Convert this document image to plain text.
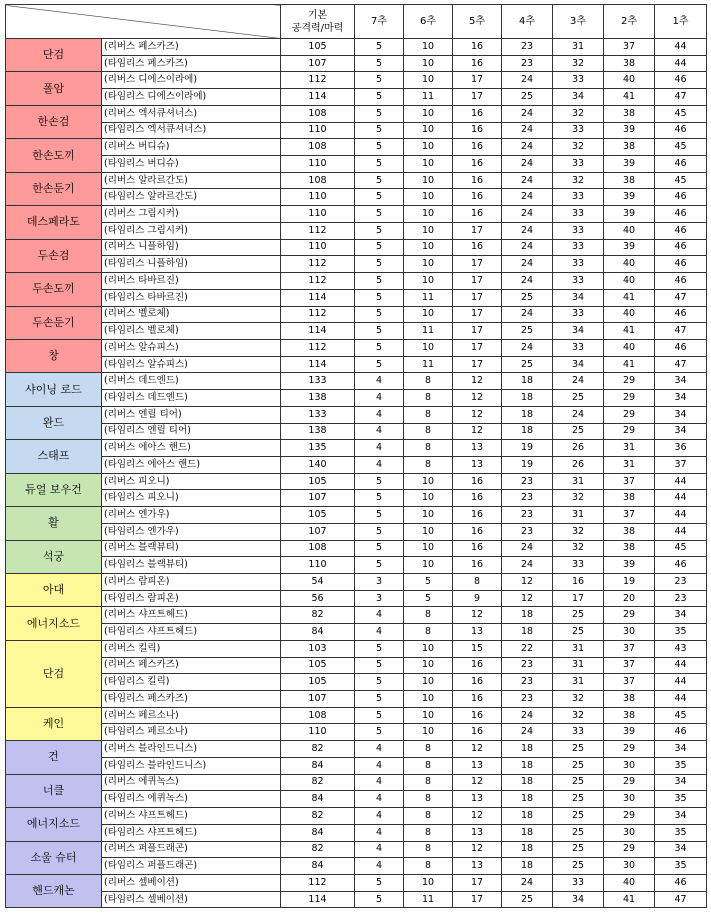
		기본
공격력/마력	7추	6추	5추	4추	3추	2추	1추
단검	(리버스 페스카즈)	105	5	10	16	23	31	37	44
	(타임리스 페스카즈)	107	5	10	16	23	32	38	44
폴암	(리버스 디에스이라에)	112	5	10	17	24	33	40	46
	(타임리스 디에스이라에)	114	5	11	17	25	34	41	47
한손검	(리버스 엑서큐셔너스)	108	5	10	16	24	32	38	45
	(타임리스 엑서큐셔너스)	110	5	10	16	24	33	39	46
한손도끼	(리버스 버디슈)	108	5	10	16	24	32	38	45
	(타임리스 버디슈)	110	5	10	16	24	33	39	46
한손둔기	(리버스 알라르간도)	108	5	10	16	24	32	38	45
	(타임리스 알라르간도)	110	5	10	16	24	33	39	46
데스페라도	(리버스 그림시커)	110	5	10	16	24	33	39	46
	(타임리스 그림시커)	112	5	10	17	24	33	40	46
두손검	(리버스 니플하임)	110	5	10	16	24	33	39	46
	(타임리스 니플하임)	112	5	10	17	24	33	40	46
두손도끼	(리버스 타바르진)	112	5	10	17	24	33	40	46
	(타임리스 타바르진)	114	5	11	17	25	34	41	47
두손둔기	(리버스 벨로체)	112	5	10	17	24	33	40	46
	(타임리스 벨로체)	114	5	11	17	25	34	41	47
창	(리버스 알슈피스)	112	5	10	17	24	33	40	46
	(타임리스 알슈피스)	114	5	11	17	25	34	41	47
샤이닝 로드	(리버스 데드엔드)	133	4	8	12	18	24	29	34
	(타임리스 데드엔드)	138	4	8	12	18	25	29	34
완드	(리버스 엔릴 티어)	133	4	8	12	18	24	29	34
	(타임리스 엔릴 티어)	138	4	8	12	18	25	29	34
스태프	(리버스 에아스 핸드)	135	4	8	13	19	26	31	36
	(타임리스 에아스 핸드)	140	4	8	13	19	26	31	37
듀얼 보우건	(리버스 피오니)	105	5	10	16	23	31	37	44
	(타임리스 피오니)	107	5	10	16	23	32	38	44
활	(리버스 엔가우)	105	5	10	16	23	31	37	44
	(타임리스 엔가우)	107	5	10	16	23	32	38	44
석궁	(리버스 블랙뷰티)	108	5	10	16	24	32	38	45
	(타임리스 블랙뷰티)	110	5	10	16	24	33	39	46
아대	(리버스 람피온)	54	3	5	8	12	16	19	23
	(타임리스 람피온)	56	3	5	9	12	17	20	23
에너지소드	(리버스 샤프트헤드)	82	4	8	12	18	25	29	34
	(타임리스 샤프트헤드)	84	4	8	13	18	25	30	35
단검	(리버스 킬릭)	103	5	10	15	22	31	37	43
	(리버스 페스카즈)	105	5	10	16	23	31	37	44
	(타임리스 킬릭)	105	5	10	16	23	31	37	44
	(타임리스 페스카즈)	107	5	10	16	23	32	38	44
케인	(리버스 페르소나)	108	5	10	16	24	32	38	45
	(타임리스 페르소나)	110	5	10	16	24	33	39	46
건	(리버스 블라인드니스)	82	4	8	12	18	25	29	34
	(타임리스 블라인드니스)	84	4	8	13	18	25	30	35
너클	(리버스 에퀴녹스)	82	4	8	12	18	25	29	34
	(타임리스 에퀴녹스)	84	4	8	13	18	25	30	35
에너지소드	(리버스 샤프트헤드)	82	4	8	12	18	25	29	34
	(타임리스 샤프트헤드)	84	4	8	13	18	25	30	35
소울 슈터	(리버스 퍼플드래곤)	82	4	8	12	18	25	29	34
	(타임리스 퍼플드래곤)	84	4	8	13	18	25	30	35
핸드캐논	(리버스 셀베이션)	112	5	10	17	24	33	40	46
	(타임리스 셀베이션)	114	5	11	17	25	34	41	47
